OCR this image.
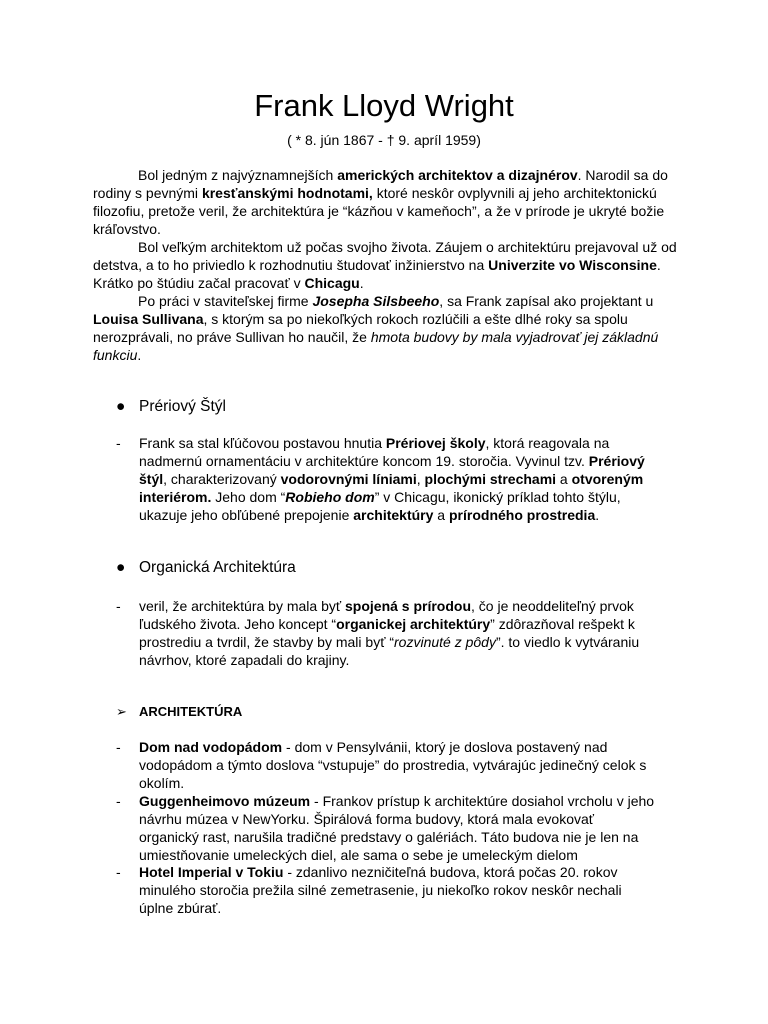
Frank Lloyd Wright
( * 8. jún 1867 - † 9. apríl 1959)

Bol jedným z najvýznamnejších amerických architektov a dizajnérov. Narodil sa do rodiny s pevnými kresťanskými hodnotami, ktoré neskôr ovplyvnili aj jeho architektonickú filozofiu, pretože veril, že architektúra je “kázňou v kameňoch”, a že v prírode je ukryté božie kráľovstvo.

Bol veľkým architektom už počas svojho života. Záujem o architektúru prejavoval už od detstva, a to ho priviedlo k rozhodnutiu študovať inžinierstvo na Univerzite vo Wisconsine. Krátko po štúdiu začal pracovať v Chicagu.

Po práci v staviteľskej firme Josepha Silsbeeho, sa Frank zapísal ako projektant u Louisa Sullivana, s ktorým sa po niekoľkých rokoch rozlúčili a ešte dlhé roky sa spolu nerozprávali, no práve Sullivan ho naučil, že hmota budovy by mala vyjadrovať jej základnú funkciu.

● Prériový Štýl
-	Frank sa stal kľúčovou postavou hnutia Prériovej školy, ktorá reagovala na nadmernú ornamentáciu v architektúre koncom 19. storočia. Vyvinul tzv. Prériový štýl, charakterizovaný vodorovnými líniami, plochými strechami a otvoreným interiérom. Jeho dom “Robieho dom” v Chicagu, ikonický príklad tohto štýlu, ukazuje jeho obľúbené prepojenie architektúry a prírodného prostredia.
● Organická Architektúra
-	veril, že architektúra by mala byť spojená s prírodou, čo je neoddeliteľný prvok ľudského života. Jeho koncept “organickej architektúry” zdôrazňoval rešpekt k prostrediu a tvrdil, že stavby by mali byť “rozvinuté z pôdy”. to viedlo k vytváraniu návrhov, ktoré zapadali do krajiny.
➢ ARCHITEKTÚRA
-	Dom nad vodopádom - dom v Pensylvánii, ktorý je doslova postavený nad vodopádom a týmto doslova “vstupuje” do prostredia, vytvárajúc jedinečný celok s okolím.
-	Guggenheimovo múzeum - Frankov prístup k architektúre dosiahol vrcholu v jeho návrhu múzea v NewYorku. Špirálová forma budovy, ktorá mala evokovať organický rast, narušila tradičné predstavy o galériách. Táto budova nie je len na umiestňovanie umeleckých diel, ale sama o sebe je umeleckým dielom
-	Hotel Imperial v Tokiu - zdanlivo nezničiteľná budova, ktorá počas 20. rokov minulého storočia prežila silné zemetrasenie, ju niekoľko rokov neskôr nechali úplne zbúrať.
